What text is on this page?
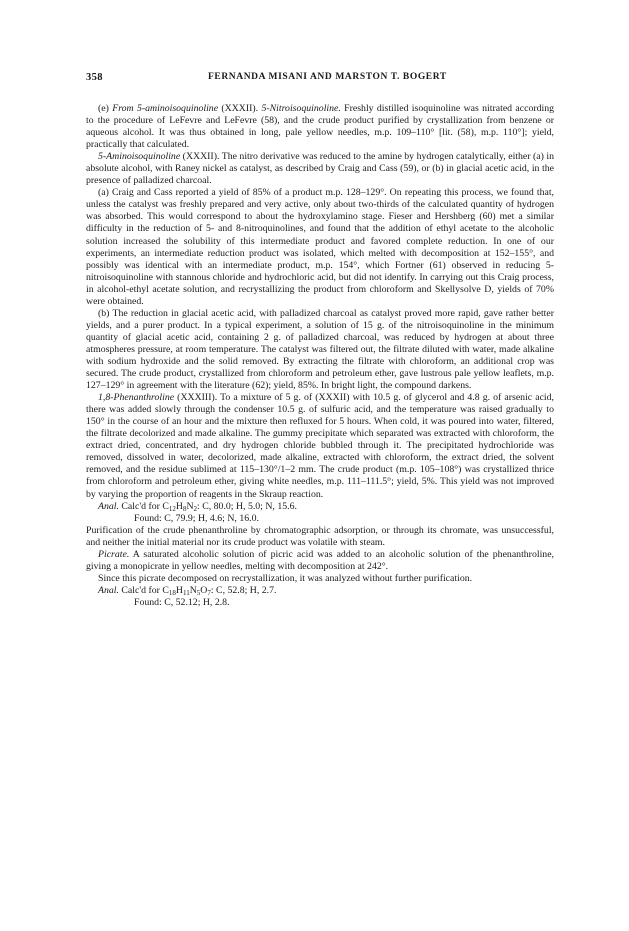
358	FERNANDA MISANI AND MARSTON T. BOGERT

(e) From 5-aminoisoquinoline (XXXII). 5-Nitroisoquinoline. Freshly distilled isoquinoline was nitrated according to the procedure of LeFevre and LeFevre (58), and the crude product purified by crystallization from benzene or aqueous alcohol. It was thus obtained in long, pale yellow needles, m.p. 109–110° [lit. (58), m.p. 110°]; yield, practically that calculated.

5-Aminoisoquinoline (XXXII). The nitro derivative was reduced to the amine by hydrogen catalytically, either (a) in absolute alcohol, with Raney nickel as catalyst, as described by Craig and Cass (59), or (b) in glacial acetic acid, in the presence of palladized charcoal.

(a) Craig and Cass reported a yield of 85% of a product m.p. 128–129°. On repeating this process, we found that, unless the catalyst was freshly prepared and very active, only about two-thirds of the calculated quantity of hydrogen was absorbed. This would correspond to about the hydroxylamino stage. Fieser and Hershberg (60) met a similar difficulty in the reduction of 5- and 8-nitroquinolines, and found that the addition of ethyl acetate to the alcoholic solution increased the solubility of this intermediate product and favored complete reduction. In one of our experiments, an intermediate reduction product was isolated, which melted with decomposition at 152–155°, and possibly was identical with an intermediate product, m.p. 154°, which Fortner (61) observed in reducing 5-nitroisoquinoline with stannous chloride and hydrochloric acid, but did not identify. In carrying out this Craig process, in alcohol-ethyl acetate solution, and recrystallizing the product from chloroform and Skellysolve D, yields of 70% were obtained.

(b) The reduction in glacial acetic acid, with palladized charcoal as catalyst proved more rapid, gave rather better yields, and a purer product. In a typical experiment, a solution of 15 g. of the nitroisoquinoline in the minimum quantity of glacial acetic acid, containing 2 g. of palladized charcoal, was reduced by hydrogen at about three atmospheres pressure, at room temperature. The catalyst was filtered out, the filtrate diluted with water, made alkaline with sodium hydroxide and the solid removed. By extracting the filtrate with chloroform, an additional crop was secured. The crude product, crystallized from chloroform and petroleum ether, gave lustrous pale yellow leaflets, m.p. 127–129° in agreement with the literature (62); yield, 85%. In bright light, the compound darkens.

1,8-Phenanthroline (XXXIII). To a mixture of 5 g. of (XXXII) with 10.5 g. of glycerol and 4.8 g. of arsenic acid, there was added slowly through the condenser 10.5 g. of sulfuric acid, and the temperature was raised gradually to 150° in the course of an hour and the mixture then refluxed for 5 hours. When cold, it was poured into water, filtered, the filtrate decolorized and made alkaline. The gummy precipitate which separated was extracted with chloroform, the extract dried, concentrated, and dry hydrogen chloride bubbled through it. The precipitated hydrochloride was removed, dissolved in water, decolorized, made alkaline, extracted with chloroform, the extract dried, the solvent removed, and the residue sublimed at 115–130°/1–2 mm. The crude product (m.p. 105–108°) was crystallized thrice from chloroform and petroleum ether, giving white needles, m.p. 111–111.5°; yield, 5%. This yield was not improved by varying the proportion of reagents in the Skraup reaction.

Anal. Calc'd for $C_{12}H_8N_2$: C, 80.0; H, 5.0; N, 15.6.

Found: C, 79.9; H, 4.6; N, 16.0.

Purification of the crude phenanthroline by chromatographic adsorption, or through its chromate, was unsuccessful, and neither the initial material nor its crude product was volatile with steam.

Picrate. A saturated alcoholic solution of picric acid was added to an alcoholic solution of the phenanthroline, giving a monopicrate in yellow needles, melting with decomposition at 242°.

Since this picrate decomposed on recrystallization, it was analyzed without further purification.

Anal. Calc'd for $C_{18}H_{11}N_5O_7$: C, 52.8; H, 2.7.

Found: C, 52.12; H, 2.8.
